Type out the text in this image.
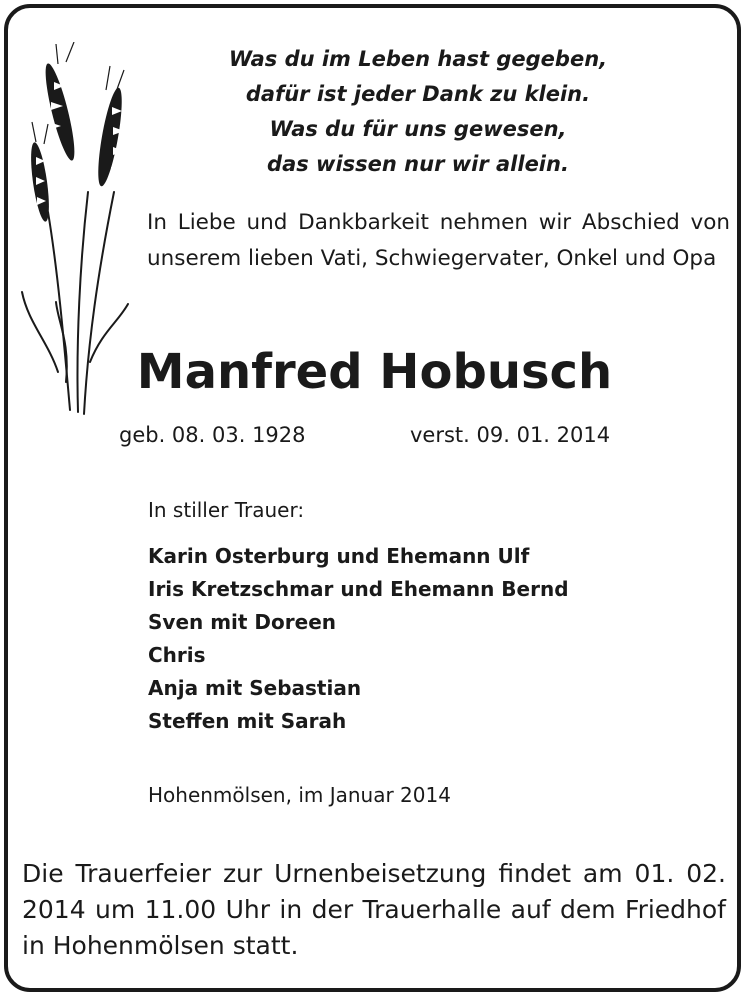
Was du im Leben hast gegeben,
dafür ist jeder Dank zu klein.
Was du für uns gewesen,
das wissen nur wir allein.
In Liebe und Dankbarkeit nehmen wir Abschied von unserem lieben Vati, Schwiegervater, Onkel und Opa
Manfred Hobusch
geb. 08. 03. 1928	verst. 09. 01. 2014
In stiller Trauer:
Karin Osterburg und Ehemann Ulf
Iris Kretzschmar und Ehemann Bernd
Sven mit Doreen
Chris
Anja mit Sebastian
Steffen mit Sarah
Hohenmölsen, im Januar 2014
Die Trauerfeier zur Urnenbeisetzung findet am 01. 02. 2014 um 11.00 Uhr in der Trauerhalle auf dem Friedhof in Hohenmölsen statt.
